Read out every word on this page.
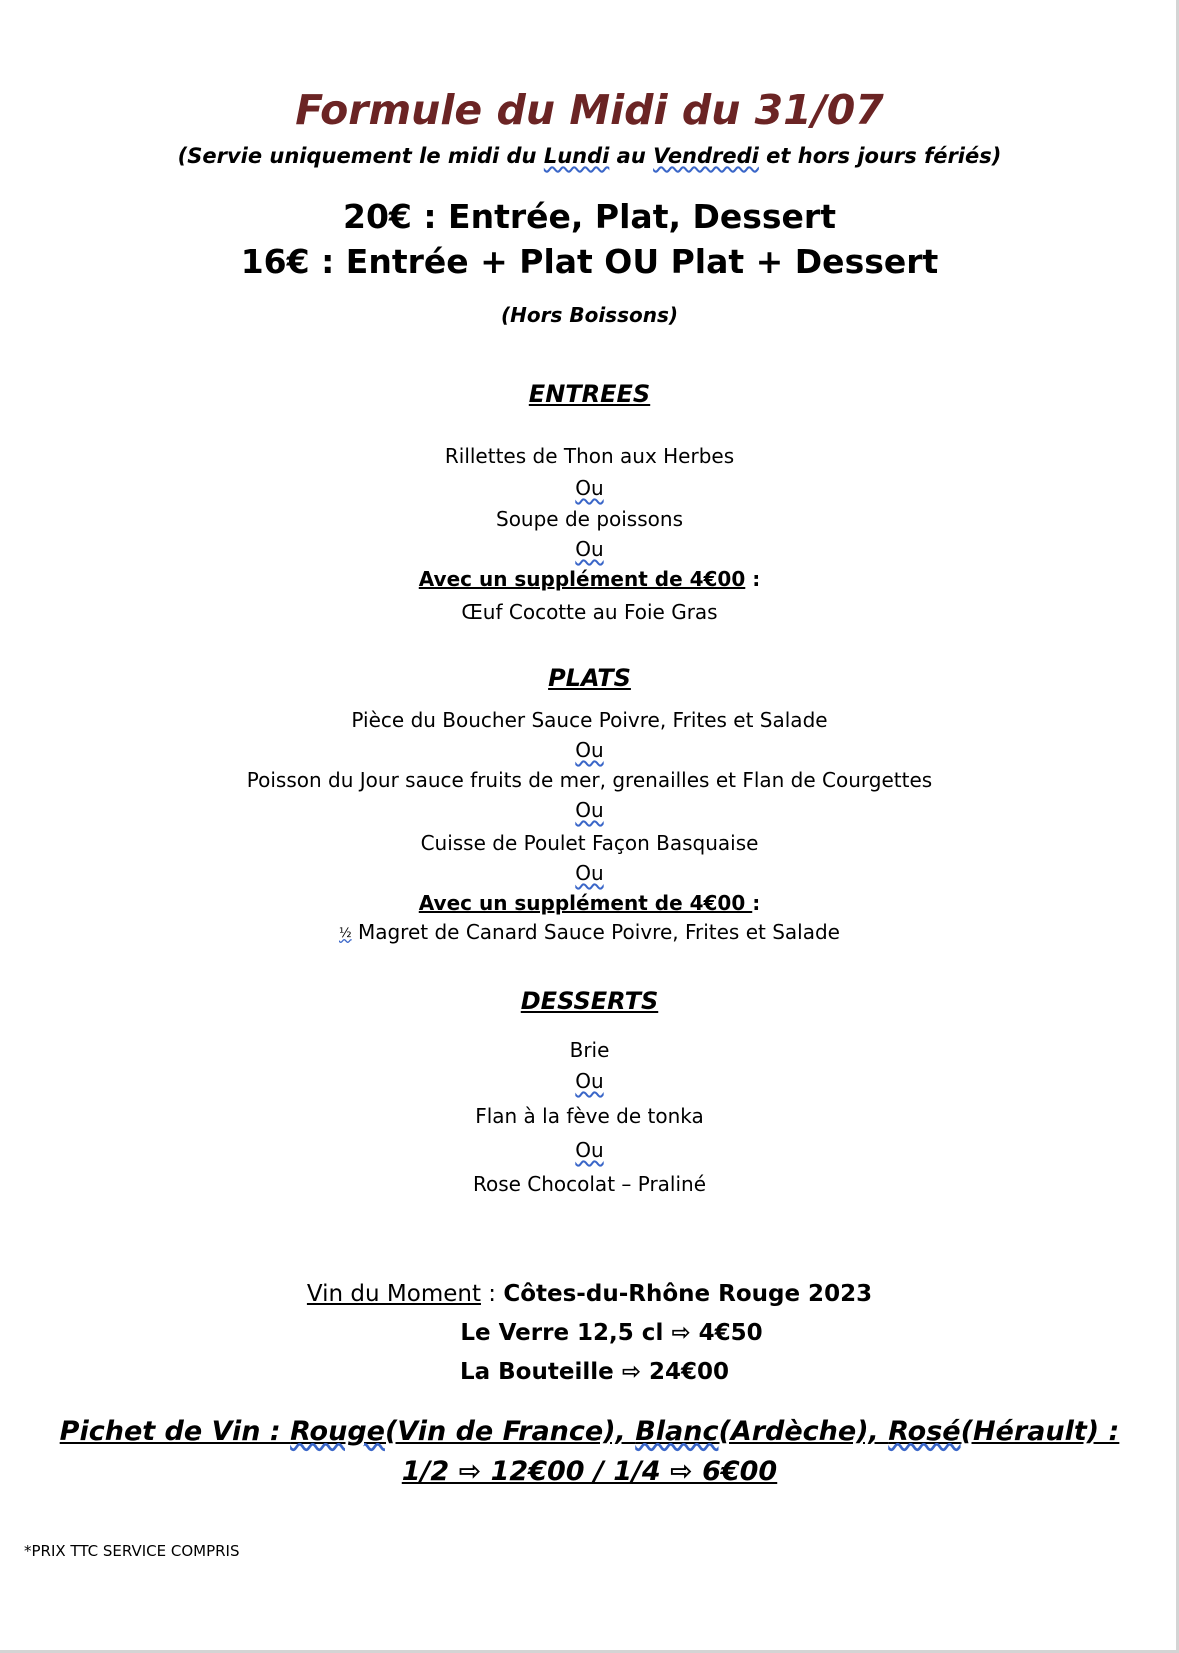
Formule du Midi du 31/07
(Servie uniquement le midi du Lundi au Vendredi et hors jours fériés)
20€ : Entrée, Plat, Dessert
16€ : Entrée + Plat OU Plat + Dessert
(Hors Boissons)
ENTREES
Rillettes de Thon aux Herbes
Ou
Soupe de poissons
Ou
Avec un supplément de 4€00 :
Œuf Cocotte au Foie Gras
PLATS
Pièce du Boucher Sauce Poivre, Frites et Salade
Ou
Poisson du Jour sauce fruits de mer, grenailles et Flan de Courgettes
Ou
Cuisse de Poulet Façon Basquaise
Ou
Avec un supplément de 4€00 :
½ Magret de Canard Sauce Poivre, Frites et Salade
DESSERTS
Brie
Ou
Flan à la fève de tonka
Ou
Rose Chocolat – Praliné
Vin du Moment : Côtes-du-Rhône Rouge 2023
Le Verre 12,5 cl ⇨ 4€50
La Bouteille ⇨ 24€00
Pichet de Vin : Rouge(Vin de France), Blanc(Ardèche), Rosé(Hérault) :
1/2 ⇨ 12€00 / 1/4 ⇨ 6€00
*PRIX TTC SERVICE COMPRIS
